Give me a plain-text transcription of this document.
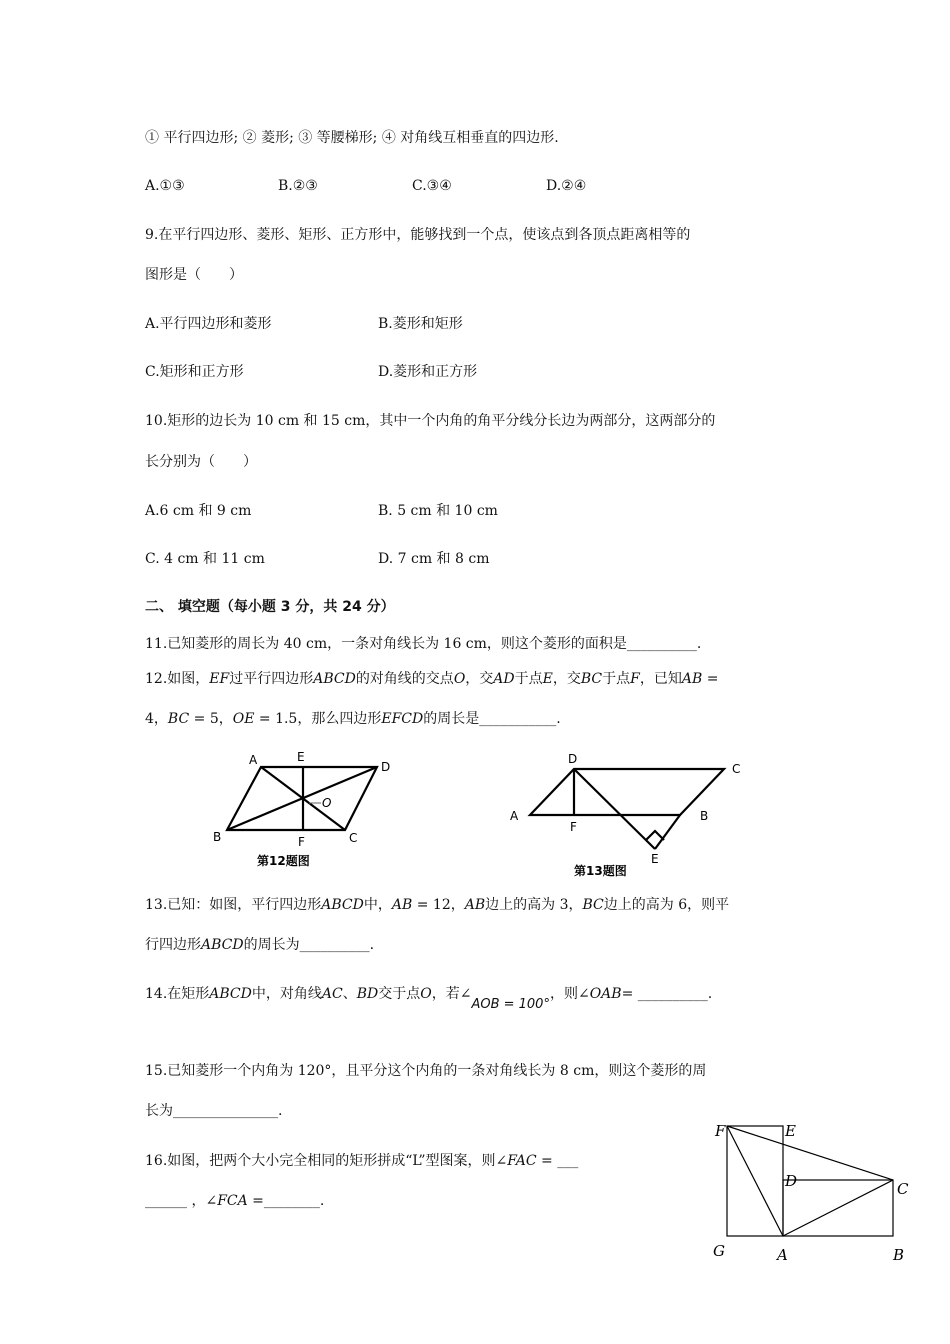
① 平行四边形; ② 菱形; ③ 等腰梯形; ④ 对角线互相垂直的四边形.
A.①③	B.②③	C.③④	D.②④
9.在平行四边形、菱形、矩形、正方形中，能够找到一个点，使该点到各顶点距离相等的
图形是（　　）
A.平行四边形和菱形	B.菱形和矩形
C.矩形和正方形	D.菱形和正方形
10.矩形的边长为 10 cm 和 15 cm，其中一个内角的角平分线分长边为两部分，这两部分的
长分别为（　　）
A.6 cm 和 9 cm	B. 5 cm 和 10 cm
C. 4 cm 和 11 cm	D. 7 cm 和 8 cm
二、 填空题（每小题 3 分，共 24 分）
11.已知菱形的周长为 40 cm，一条对角线长为 16 cm，则这个菱形的面积是__________.
12.如图，EF过平行四边形ABCD的对角线的交点O，交AD于点E，交BC于点F，已知AB =
4，BC = 5，OE = 1.5，那么四边形EFCD的周长是___________.
A	E
D
O
B	F	C
第12题图
D
C
A
F
B
E
第13题图
13.已知：如图，平行四边形ABCD中，AB = 12，AB边上的高为 3，BC边上的高为 6，则平
行四边形ABCD的周长为__________.
14.在矩形ABCD中，对角线AC、BD交于点O，若∠AOB = 100°，则∠OAB= __________.
15.已知菱形一个内角为 120°，且平分这个内角的一条对角线长为 8 cm，则这个菱形的周
长为_______________.
16.如图，把两个大小完全相同的矩形拼成“L”型图案，则∠FAC = ___
______ ，∠FCA =________.
F	E
D	C
G	A	B
